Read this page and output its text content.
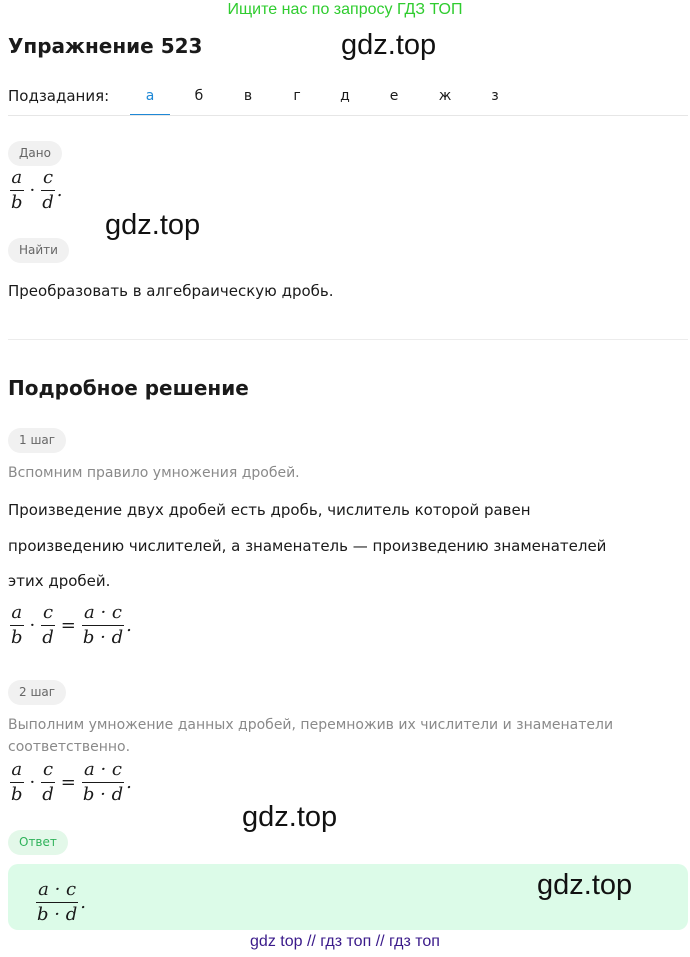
Ищите нас по запросу ГДЗ ТОП
Упражнение 523	gdz.top
Подзадания:	а	б	в	г	д	е	ж	з
Дано
$\frac{a}{b} \cdot \frac{c}{d}$ .
gdz.top
Найти
Преобразовать в алгебраическую дробь.
Подробное решение
1 шаг
Вспомним правило умножения дробей.
Произведение двух дробей есть дробь, числитель которой равен
произведению числителей, а знаменатель — произведению знаменателей
этих дробей.
$\frac{a}{b} \cdot \frac{c}{d} = \frac{a \cdot c}{b \cdot d}$ .
2 шаг
Выполним умножение данных дробей, перемножив их числители и знаменатели
соответственно.
$\frac{a}{b} \cdot \frac{c}{d} = \frac{a \cdot c}{b \cdot d}$ .
gdz.top
Ответ
$\frac{a \cdot c}{b \cdot d}$ .
gdz.top
gdz top // гдз топ // гдз топ
